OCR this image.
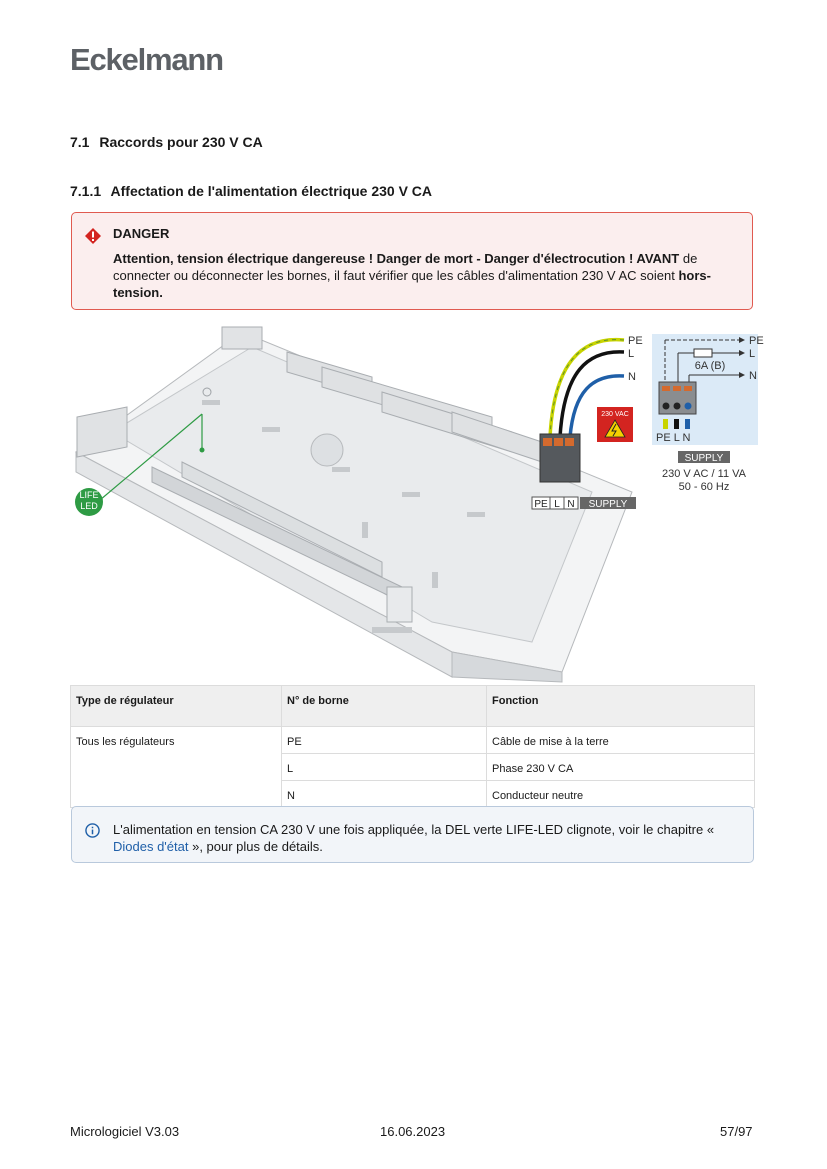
Eckelmann
7.1 Raccords pour 230 V CA
7.1.1 Affectation de l'alimentation électrique 230 V CA
DANGER
Attention, tension électrique dangereuse ! Danger de mort - Danger d'électrocution ! AVANT de connecter ou déconnecter les bornes, il faut vérifier que les câbles d'alimentation 230 V AC soient hors-tension.
LIFE
LED
PE
L
N
230 VAC
PE L N SUPPLY
PE
L
N
6A (B)
PE L N
SUPPLY
230 V AC / 11 VA
50 - 60 Hz
Type de régulateur	N° de borne	Fonction
Tous les régulateurs	PE	Câble de mise à la terre
	L	Phase 230 V CA
	N	Conducteur neutre
L'alimentation en tension CA 230 V une fois appliquée, la DEL verte LIFE-LED clignote, voir le chapitre « Diodes d'état », pour plus de détails.
Micrologiciel V3.03	16.06.2023	57/97
